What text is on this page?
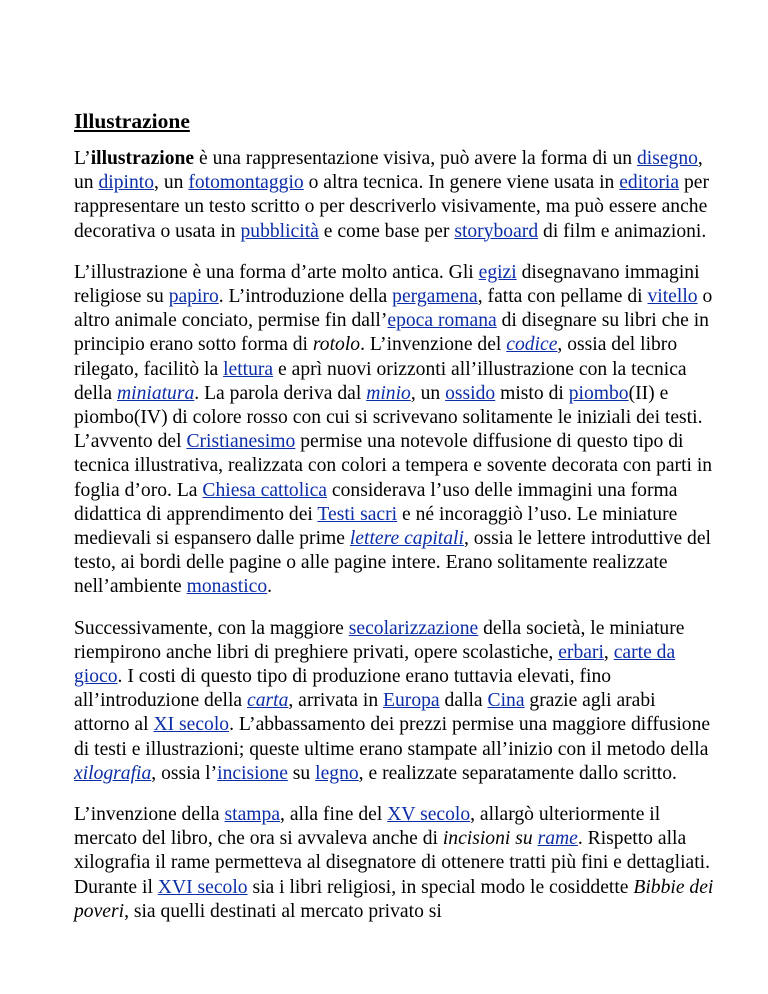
Illustrazione

L’illustrazione è una rappresentazione visiva, può avere la forma di un disegno, un dipinto, un fotomontaggio o altra tecnica. In genere viene usata in editoria per rappresentare un testo scritto o per descriverlo visivamente, ma può essere anche decorativa o usata in pubblicità e come base per storyboard di film e animazioni.

L’illustrazione è una forma d’arte molto antica. Gli egizi disegnavano immagini religiose su papiro. L’introduzione della pergamena, fatta con pellame di vitello o altro animale conciato, permise fin dall’epoca romana di disegnare su libri che in principio erano sotto forma di rotolo. L’invenzione del codice, ossia del libro rilegato, facilitò la lettura e aprì nuovi orizzonti all’illustrazione con la tecnica della miniatura. La parola deriva dal minio, un ossido misto di piombo(II) e piombo(IV) di colore rosso con cui si scrivevano solitamente le iniziali dei testi. L’avvento del Cristianesimo permise una notevole diffusione di questo tipo di tecnica illustrativa, realizzata con colori a tempera e sovente decorata con parti in foglia d’oro. La Chiesa cattolica considerava l’uso delle immagini una forma didattica di apprendimento dei Testi sacri e né incoraggiò l’uso. Le miniature medievali si espansero dalle prime lettere capitali, ossia le lettere introduttive del testo, ai bordi delle pagine o alle pagine intere. Erano solitamente realizzate nell’ambiente monastico.

Successivamente, con la maggiore secolarizzazione della società, le miniature riempirono anche libri di preghiere privati, opere scolastiche, erbari, carte da gioco. I costi di questo tipo di produzione erano tuttavia elevati, fino all’introduzione della carta, arrivata in Europa dalla Cina grazie agli arabi attorno al XI secolo. L’abbassamento dei prezzi permise una maggiore diffusione di testi e illustrazioni; queste ultime erano stampate all’inizio con il metodo della xilografia, ossia l’incisione su legno, e realizzate separatamente dallo scritto.

L’invenzione della stampa, alla fine del XV secolo, allargò ulteriormente il mercato del libro, che ora si avvaleva anche di incisioni su rame. Rispetto alla xilografia il rame permetteva al disegnatore di ottenere tratti più fini e dettagliati. Durante il XVI secolo sia i libri religiosi, in special modo le cosiddette Bibbie dei poveri, sia quelli destinati al mercato privato si
